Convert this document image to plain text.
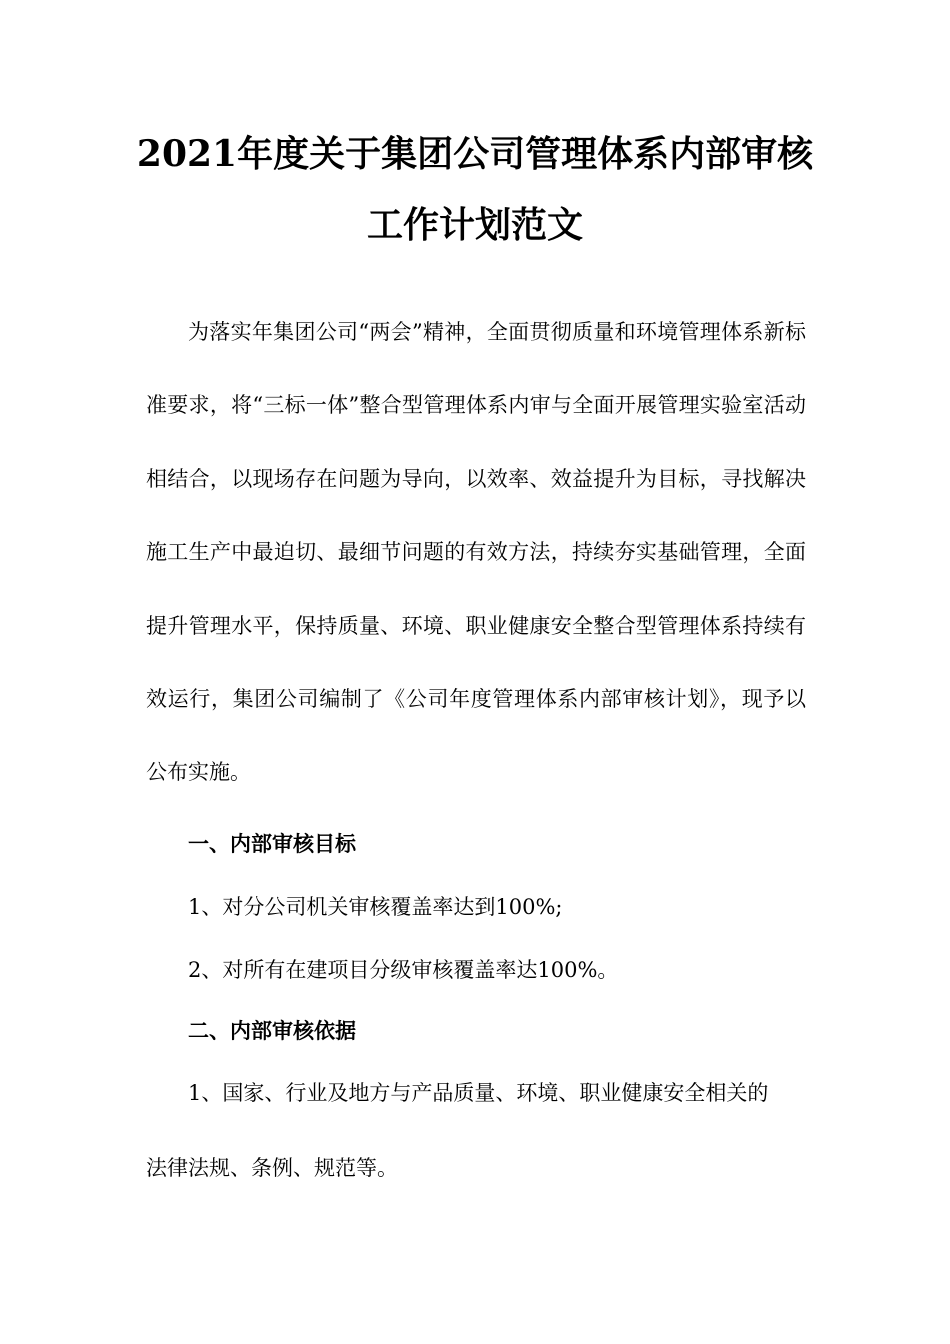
2021年度关于集团公司管理体系内部审核
工作计划范文

为落实年集团公司“两会”精神，全面贯彻质量和环境管理体系新标准要求，将“三标一体”整合型管理体系内审与全面开展管理实验室活动相结合，以现场存在问题为导向，以效率、效益提升为目标，寻找解决施工生产中最迫切、最细节问题的有效方法，持续夯实基础管理，全面提升管理水平，保持质量、环境、职业健康安全整合型管理体系持续有效运行，集团公司编制了《公司年度管理体系内部审核计划》，现予以公布实施。

一、内部审核目标

1、对分公司机关审核覆盖率达到100%;

2、对所有在建项目分级审核覆盖率达100%。

二、内部审核依据

1、国家、行业及地方与产品质量、环境、职业健康安全相关的

法律法规、条例、规范等。
